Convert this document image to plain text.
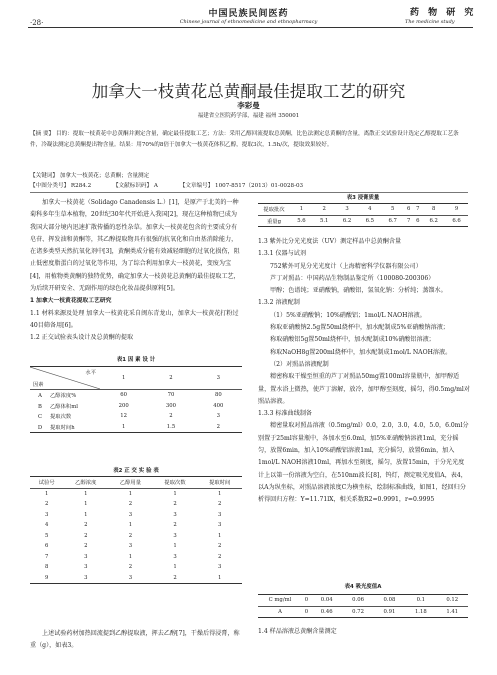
中国民族民间医药
Chinese journal of ethnomedicine and ethnopharmacy
·28·
药 物 研 究
The medicine study
加拿大一枝黄花总黄酮最佳提取工艺的研究
李彩曼
福建省立医院药学部，福建 福州 350001
【摘 要】 目的：提取一枝黄花中总黄酮并测定含量，确定最佳提取工艺；方法：采用乙醇回流提取总黄酮，比色法测定总黄酮的含量，离散正交试验设计选定乙醇提取工艺条件，冷凝法测定总黄酮提出物含量。结果：用70%的8倍于加拿大一枝黄花体积乙醇，提取3次，1.5h/次，提取效果较好。
【关键词】 加拿大一枝黄花；总黄酮；含量测定
【中图分类号】 R284.2	【文献标识码】 A	【文章编号】 1007-8517（2013）01-0028-03

加拿大一枝黄花（Solidago Canadensis L.）[1]，是原产于北美的一种菊科多年生草本植物，20世纪30年代开始进入我国[2]，现在这种植物已成为我国大部分境内迅速扩散传播的恶性杂草。加拿大一枝黄花包含的主要成分有皂苷、挥发油和黄酮等，其乙醇提取物具有很强的抗氧化和自由基消除能力，在诸多类型天然抗氧化剂中[3]，黄酮类成分能有效减轻细胞的过氧化损伤，阻止低密度脂蛋白的过氧化等作用，为了综合利用加拿大一枝黄花，变废为宝[4]，用植物类黄酮的独特优势，确定加拿大一枝黄花总黄酮的最佳提取工艺，为后续开研安全、无副作用的绿色化妆品提供原料[5]。

1 加拿大一枝黄花提取工艺研究

1.1 材料来源及处理 加拿大一枝黄花采自闽东青龙山，加拿大一枝黄花打粉过40目筛备用[6]。

1.2 正交试验表头设计及总黄酮的提取

表1 因 素 设 计
水平
因素	1	2	3
A 乙醇浓度%	60	70	80
B 乙醇体积ml	200	300	400
C 提取次数	12	2	3
D 提取时间h	1	1.5	2
表2 正 交 实 验 表
试验号	乙醇浓度	乙醇用量	提取次数	提取时间
1	1	1	1	1
2	1	2	2	2
3	1	3	3	3
4	2	1	2	3
5	2	2	3	1
6	2	3	1	2
7	3	1	3	2
8	3	2	1	3
9	3	3	2	1

上述试验药材加热回流提到乙醇提取液，挥去乙醇[7]，干燥后得浸膏，称重（g），如表3。

表3 浸膏质量
提取批次	1	2	3	4	5	6	7	8	9
重量g	5.6	5.1	6.2	6.5	6.7	7	6	6.2	6.6

1.3 紫外比分光光度法（UV）测定样品中总黄酮含量

1.3.1 仪器与试剂

752紫外可见分光光度计（上海精密科学仪器有限公司）

芦丁对照品：中国药品生物制品鉴定所（100080-200306）

甲醇；色谱纯；亚硝酸钠，硝酸铝，氢氧化钠：分析纯；蒸馏水。

1.3.2 溶液配制

（1）5%亚硝酸钠；10%硝酸铝；1mol/L NAOH溶液。

称取亚硝酸钠2.5g置50ml烧杯中，加水配制成5%亚硝酸钠溶液；

称取硝酸铝5g置50ml烧杯中，加水配制成10%硝酸铝溶液；

称取NaOH8g置200ml烧杯中，加水配制成1mol/L NAOH溶液。

（2）对照品溶液配制

精密称取干燥至恒重的芦丁对照品50mg置100ml容量瓶中，加甲醇适量，置水浴上微热，使芦丁溶解，放冷，加甲醇至刻度，摇匀，得0.5mg/ml对照品溶液。

1.3.3 标准曲线制备

精密量取对照品溶液（0.5mg/ml）0.0，2.0，3.0，4.0，5.0，6.0ml分别置于25ml容量瓶中，各加水至6.0ml，加5%亚硝酸钠溶液1ml，充分摇匀，放置6min，加入10%硝酸铝溶液1ml，充分摇匀，放置6min，加入1mol/L NAOH溶液10ml，再加水至刻度，摇匀，放置15min，于分光光度计上以第一份溶液为空白，在510nm波长[8]，钨灯，测定吸光度值A，表4，以A为纵坐标，对照品溶液浓度C为横坐标，绘制标准曲线，如图1，经回归分析得回归方程：Y=11.71lX，相关系数R2=0.9991，r=0.9995

表4 吸光度值A
C mg/ml	0	0.04	0.06	0.08	0.1	0.12
A	0	0.46	0.72	0.91	1.18	1.41

1.4 样品溶液总黄酮含量测定
